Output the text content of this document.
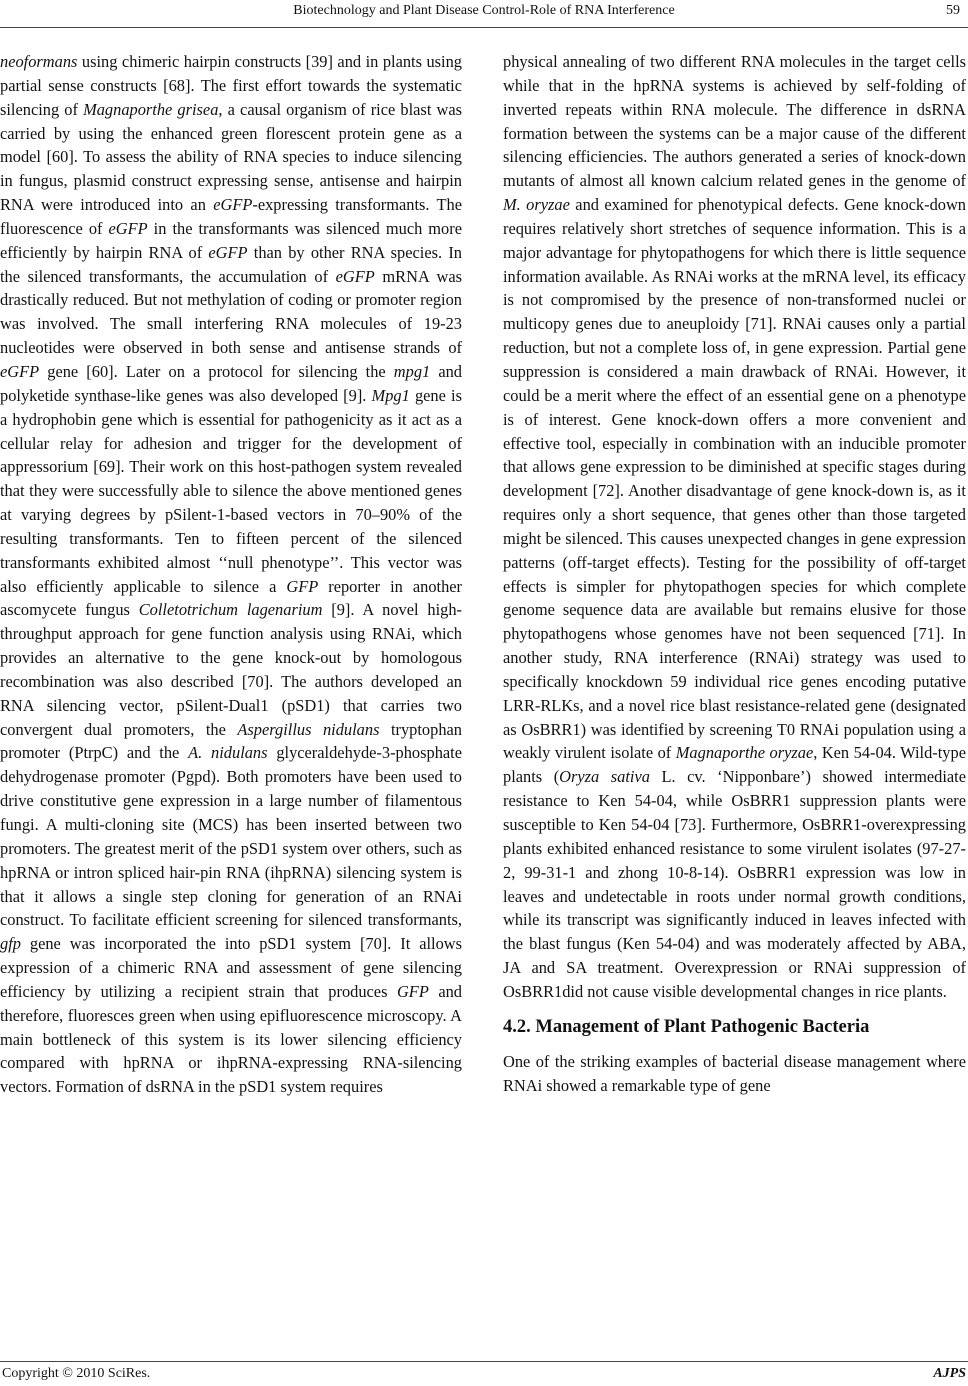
Biotechnology and Plant Disease Control-Role of RNA Interference	59

neoformans using chimeric hairpin constructs [39] and in plants using partial sense constructs [68]. The first effort towards the systematic silencing of Magnaporthe grisea, a causal organism of rice blast was carried by using the enhanced green florescent protein gene as a model [60]. To assess the ability of RNA species to induce silencing in fungus, plasmid construct expressing sense, antisense and hairpin RNA were introduced into an eGFP-expressing transformants. The fluorescence of eGFP in the transformants was silenced much more efficiently by hairpin RNA of eGFP than by other RNA species. In the silenced transformants, the accumulation of eGFP mRNA was drastically reduced. But not methylation of coding or promoter region was involved. The small interfering RNA molecules of 19-23 nucleotides were observed in both sense and antisense strands of eGFP gene [60]. Later on a protocol for silencing the mpg1 and polyketide synthase-like genes was also developed [9]. Mpg1 gene is a hydrophobin gene which is essential for pathogenicity as it act as a cellular relay for adhesion and trigger for the development of appressorium [69]. Their work on this host-pathogen system revealed that they were successfully able to silence the above mentioned genes at varying degrees by pSilent-1-based vectors in 70–90% of the resulting transformants. Ten to fifteen percent of the silenced transformants exhibited almost ‘‘null phenotype’’. This vector was also efficiently applicable to silence a GFP reporter in another ascomycete fungus Colletotrichum lagenarium [9]. A novel high-throughput approach for gene function analysis using RNAi, which provides an alternative to the gene knock-out by homologous recombination was also described [70]. The authors developed an RNA silencing vector, pSilent-Dual1 (pSD1) that carries two convergent dual promoters, the Aspergillus nidulans tryptophan promoter (PtrpC) and the A. nidulans glyceraldehyde-3-phosphate dehydrogenase promoter (Pgpd). Both promoters have been used to drive constitutive gene expression in a large number of filamentous fungi. A multi-cloning site (MCS) has been inserted between two promoters. The greatest merit of the pSD1 system over others, such as hpRNA or intron spliced hair-pin RNA (ihpRNA) silencing system is that it allows a single step cloning for generation of an RNAi construct. To facilitate efficient screening for silenced transformants, gfp gene was incorporated the into pSD1 system [70]. It allows expression of a chimeric RNA and assessment of gene silencing efficiency by utilizing a recipient strain that produces GFP and therefore, fluoresces green when using epifluorescence microscopy. A main bottleneck of this system is its lower silencing efficiency compared with hpRNA or ihpRNA-expressing RNA-silencing vectors. Formation of dsRNA in the pSD1 system requires

physical annealing of two different RNA molecules in the target cells while that in the hpRNA systems is achieved by self-folding of inverted repeats within RNA molecule. The difference in dsRNA formation between the systems can be a major cause of the different silencing efficiencies. The authors generated a series of knock-down mutants of almost all known calcium related genes in the genome of M. oryzae and examined for phenotypical defects. Gene knock-down requires relatively short stretches of sequence information. This is a major advantage for phytopathogens for which there is little sequence information available. As RNAi works at the mRNA level, its efficacy is not compromised by the presence of non-transformed nuclei or multicopy genes due to aneuploidy [71]. RNAi causes only a partial reduction, but not a complete loss of, in gene expression. Partial gene suppression is considered a main drawback of RNAi. However, it could be a merit where the effect of an essential gene on a phenotype is of interest. Gene knock-down offers a more convenient and effective tool, especially in combination with an inducible promoter that allows gene expression to be diminished at specific stages during development [72]. Another disadvantage of gene knock-down is, as it requires only a short sequence, that genes other than those targeted might be silenced. This causes unexpected changes in gene expression patterns (off-target effects). Testing for the possibility of off-target effects is simpler for phytopathogen species for which complete genome sequence data are available but remains elusive for those phytopathogens whose genomes have not been sequenced [71]. In another study, RNA interference (RNAi) strategy was used to specifically knockdown 59 individual rice genes encoding putative LRR-RLKs, and a novel rice blast resistance-related gene (designated as OsBRR1) was identified by screening T0 RNAi population using a weakly virulent isolate of Magnaporthe oryzae, Ken 54-04. Wild-type plants (Oryza sativa L. cv. ‘Nipponbare’) showed intermediate resistance to Ken 54-04, while OsBRR1 suppression plants were susceptible to Ken 54-04 [73]. Furthermore, OsBRR1-overexpressing plants exhibited enhanced resistance to some virulent isolates (97-27-2, 99-31-1 and zhong 10-8-14). OsBRR1 expression was low in leaves and undetectable in roots under normal growth conditions, while its transcript was significantly induced in leaves infected with the blast fungus (Ken 54-04) and was moderately affected by ABA, JA and SA treatment. Overexpression or RNAi suppression of OsBRR1did not cause visible developmental changes in rice plants.

4.2. Management of Plant Pathogenic Bacteria

One of the striking examples of bacterial disease management where RNAi showed a remarkable type of gene

Copyright © 2010 SciRes.	AJPS
